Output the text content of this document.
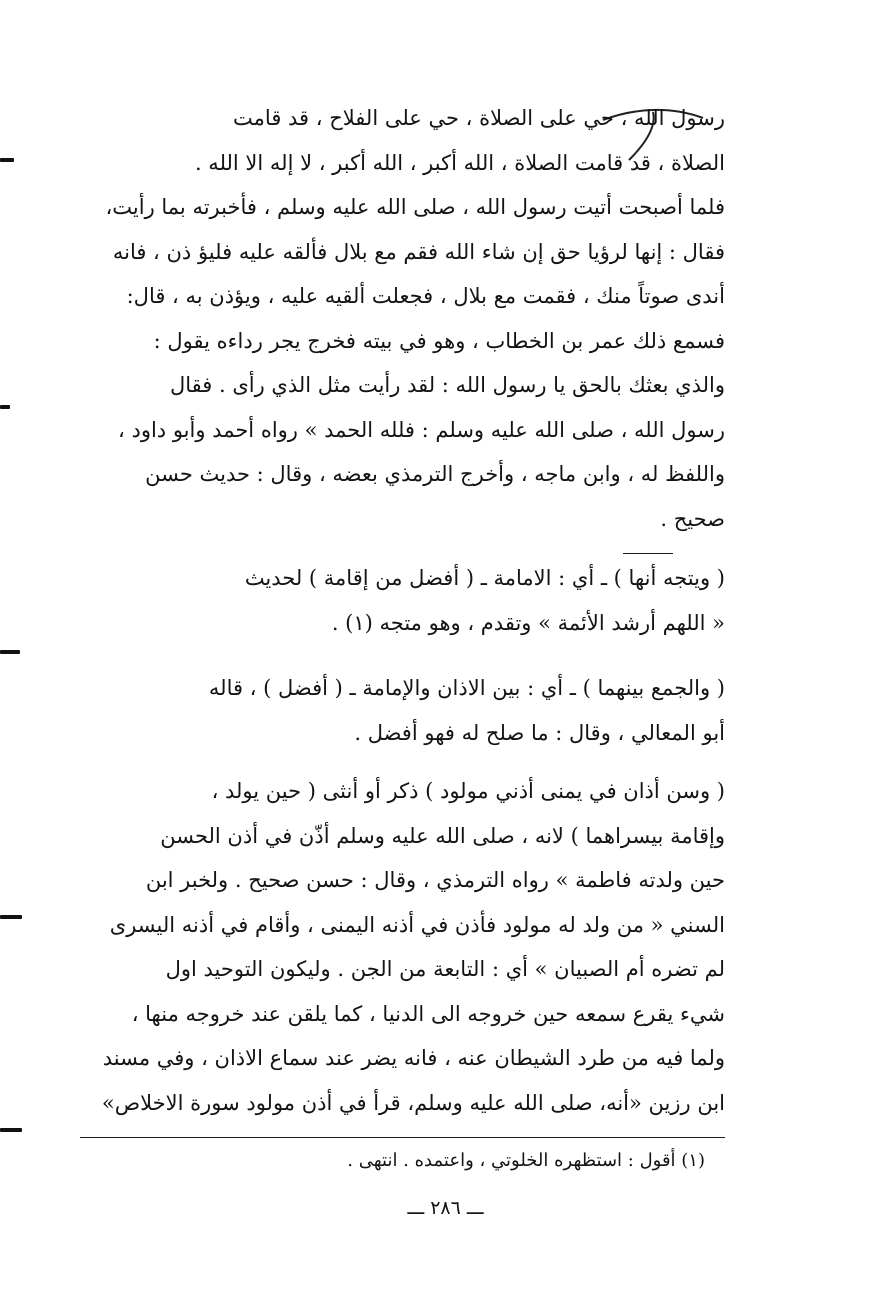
رسول الله ، حي على الصلاة ، حي على الفلاح ، قد قامت
الصلاة ، قد قامت الصلاة ، الله أكبر ، الله أكبر ، لا إله الا الله .
فلما أصبحت أتيت رسول الله ، صلى الله عليه وسلم ، فأخبرته بما رأيت،
فقال : إنها لرؤيا حق إن شاء الله فقم مع بلال فألقه عليه فليؤ ذن ، فانه
أندى صوتاً منك ، فقمت مع بلال ، فجعلت ألقيه عليه ، ويؤذن به ، قال:
فسمع ذلك عمر بن الخطاب ، وهو في بيته فخرج يجر رداءه يقول :
والذي بعثك بالحق يا رسول الله : لقد رأيت مثل الذي رأى . فقال
رسول الله ، صلى الله عليه وسلم : فلله الحمد » رواه أحمد وأبو داود ،
واللفظ له ، وابن ماجه ، وأخرج الترمذي بعضه ، وقال : حديث حسن
صحيح .
( ويتجه أنها ) ـ أي : الامامة ـ ( أفضل من إقامة ) لحديث
« اللهم أرشد الأئمة » وتقدم ، وهو متجه (١) .
( والجمع بينهما ) ـ أي : بين الاذان والإمامة ـ ( أفضل ) ، قاله
أبو المعالي ، وقال : ما صلح له فهو أفضل .
( وسن أذان في يمنى أذني مولود ) ذكر أو أنثى ( حين يولد ،
وإقامة بيسراهما ) لانه ، صلى الله عليه وسلم أذّن في أذن الحسن
حين ولدته فاطمة » رواه الترمذي ، وقال : حسن صحيح . ولخبر ابن
السني « من ولد له مولود فأذن في أذنه اليمنى ، وأقام في أذنه اليسرى
لم تضره أم الصبيان » أي : التابعة من الجن . وليكون التوحيد اول
شيء يقرع سمعه حين خروجه الى الدنيا ، كما يلقن عند خروجه منها ،
ولما فيه من طرد الشيطان عنه ، فانه يضر عند سماع الاذان ، وفي مسند
ابن رزين «أنه، صلى الله عليه وسلم، قرأ في أذن مولود سورة الاخلاص»
(١) أقول : استظهره الخلوتي ، واعتمده . انتهى .
ـــ ٢٨٦ ـــ
